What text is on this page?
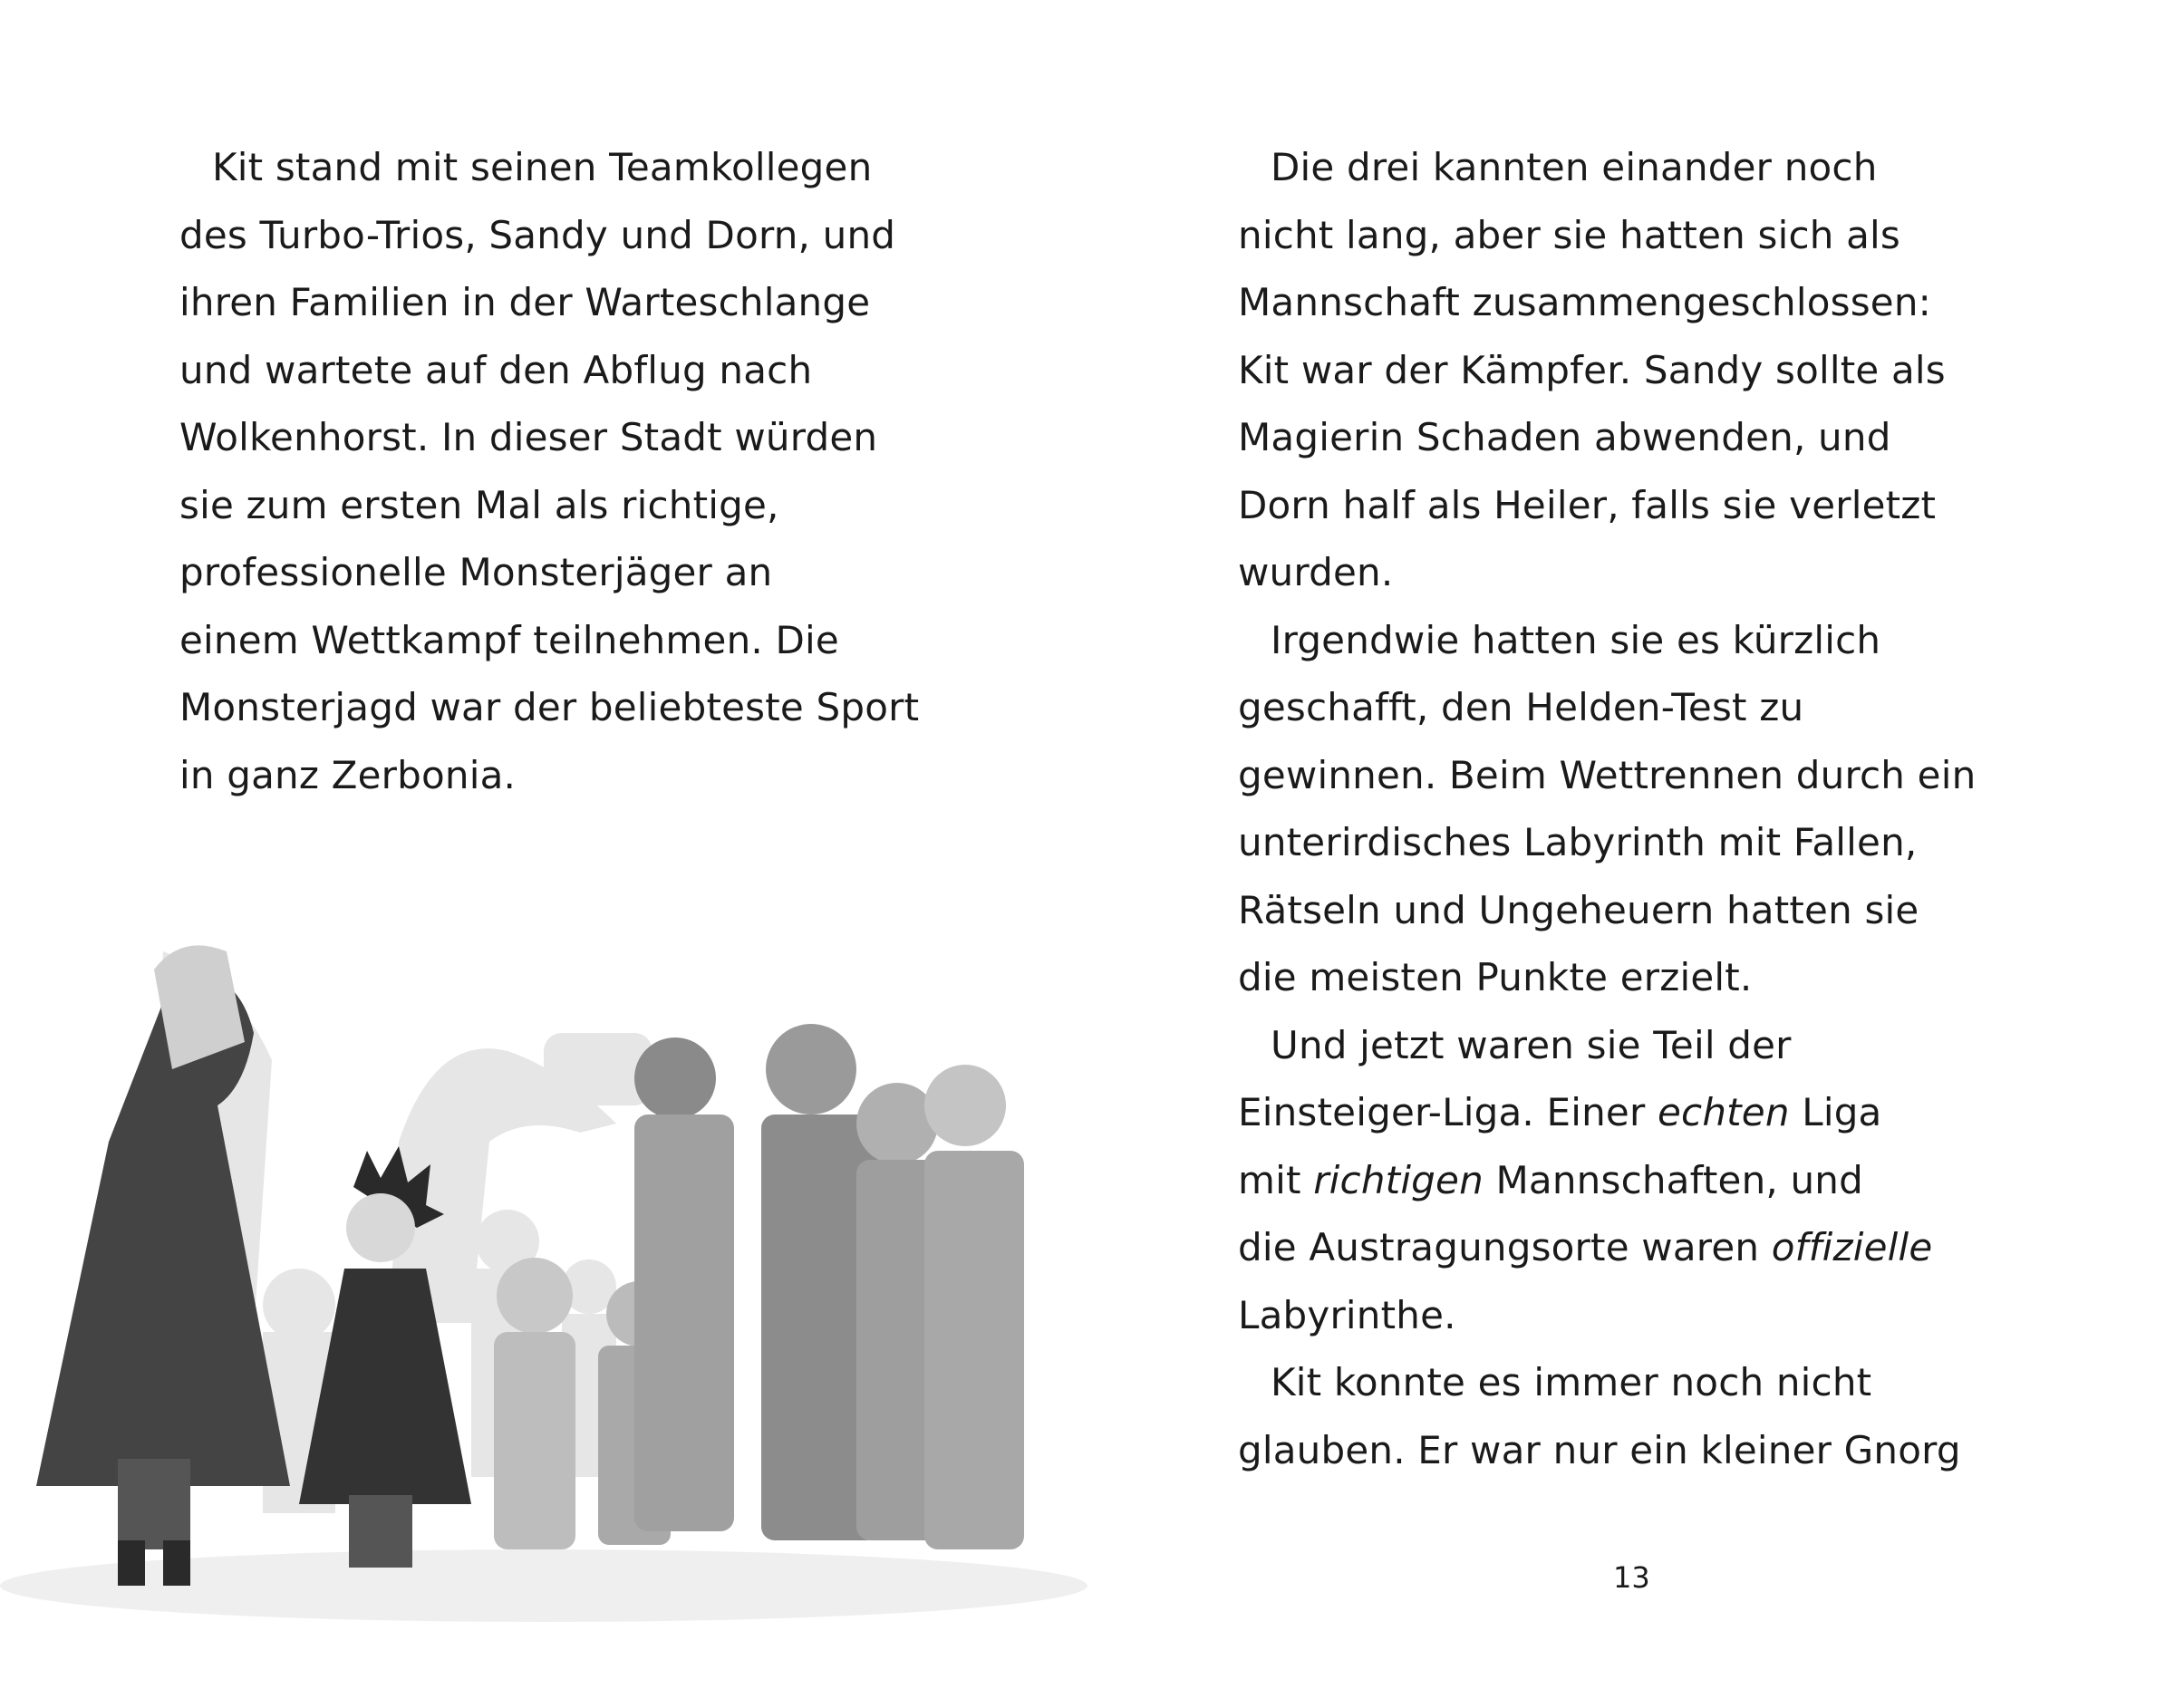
Kit stand mit seinen Teamkollegen

des Turbo-Trios, Sandy und Dorn, und

ihren Familien in der Warteschlange

und wartete auf den Abflug nach

Wolkenhorst. In dieser Stadt würden

sie zum ersten Mal als richtige,

professionelle Monsterjäger an

einem Wettkampf teilnehmen. Die

Monsterjagd war der beliebteste Sport

in ganz Zerbonia.

Die drei kannten einander noch

nicht lang, aber sie hatten sich als

Mannschaft zusammengeschlossen:

Kit war der Kämpfer. Sandy sollte als

Magierin Schaden abwenden, und

Dorn half als Heiler, falls sie verletzt

wurden.

Irgendwie hatten sie es kürzlich

geschafft, den Helden-Test zu

gewinnen. Beim Wettrennen durch ein

unterirdisches Labyrinth mit Fallen,

Rätseln und Ungeheuern hatten sie

die meisten Punkte erzielt.

Und jetzt waren sie Teil der

Einsteiger-Liga. Einer echten Liga

mit richtigen Mannschaften, und

die Austragungsorte waren offizielle

Labyrinthe.

Kit konnte es immer noch nicht

glauben. Er war nur ein kleiner Gnorg

13
